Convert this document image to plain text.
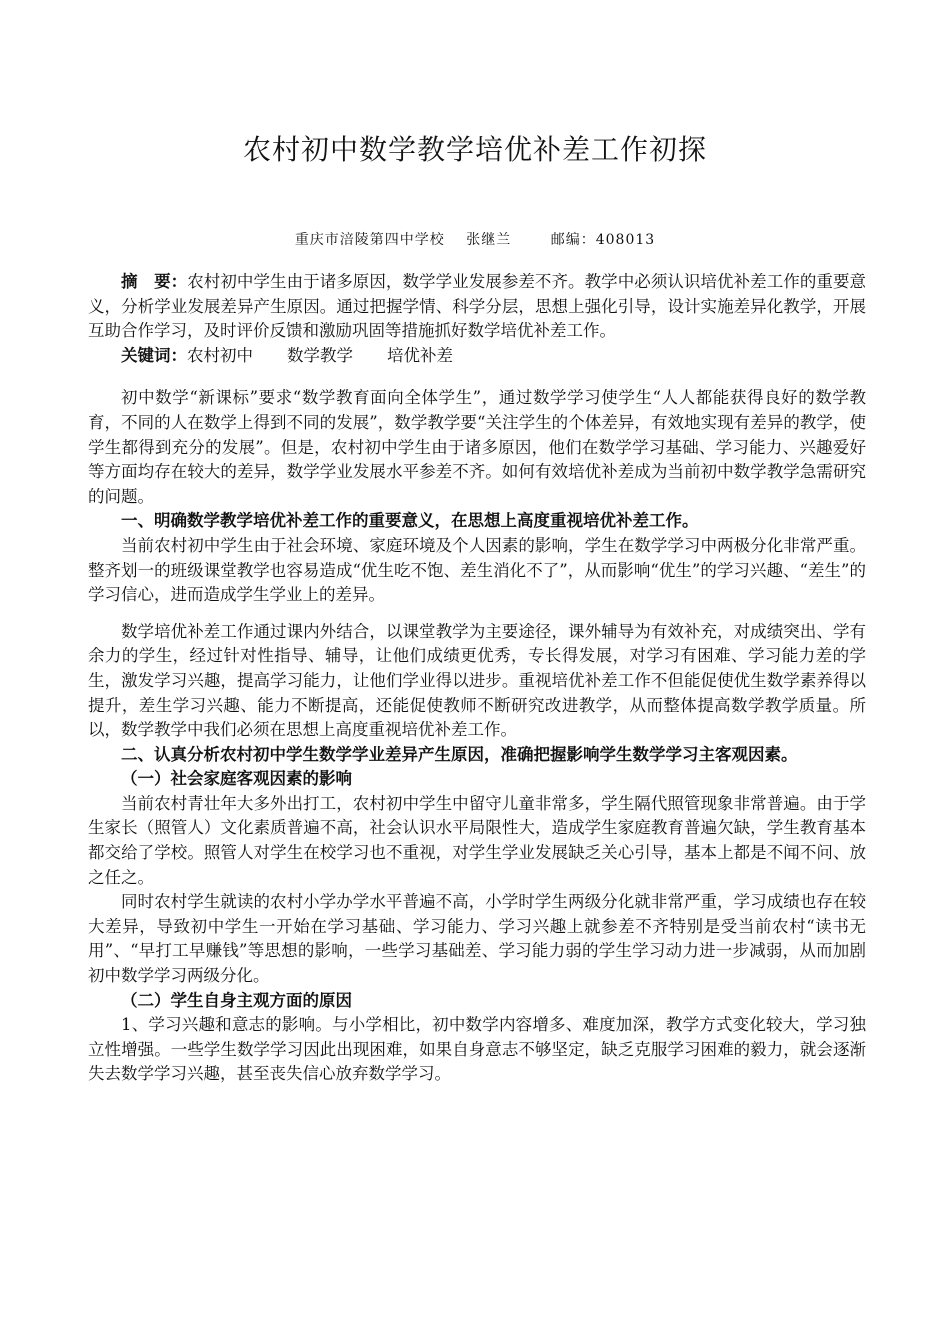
农村初中数学教学培优补差工作初探
重庆市涪陵第四中学校 张继兰	邮编：408013

摘　要：农村初中学生由于诸多原因，数学学业发展参差不齐。教学中必须认识培优补差工作的重要意义，分析学业发展差异产生原因。通过把握学情、科学分层，思想上强化引导，设计实施差异化教学，开展互助合作学习，及时评价反馈和激励巩固等措施抓好数学培优补差工作。

关键词：农村初中 数学教学 培优补差

初中数学“新课标”要求“数学教育面向全体学生”，通过数学学习使学生“人人都能获得良好的数学教育，不同的人在数学上得到不同的发展”，数学教学要“关注学生的个体差异，有效地实现有差异的教学，使学生都得到充分的发展”。但是，农村初中学生由于诸多原因，他们在数学学习基础、学习能力、兴趣爱好等方面均存在较大的差异，数学学业发展水平参差不齐。如何有效培优补差成为当前初中数学教学急需研究的问题。

一、明确数学教学培优补差工作的重要意义，在思想上高度重视培优补差工作。

当前农村初中学生由于社会环境、家庭环境及个人因素的影响，学生在数学学习中两极分化非常严重。整齐划一的班级课堂教学也容易造成“优生吃不饱、差生消化不了”，从而影响“优生”的学习兴趣、“差生”的学习信心，进而造成学生学业上的差异。

数学培优补差工作通过课内外结合，以课堂教学为主要途径，课外辅导为有效补充，对成绩突出、学有余力的学生，经过针对性指导、辅导，让他们成绩更优秀，专长得发展，对学习有困难、学习能力差的学生，激发学习兴趣，提高学习能力，让他们学业得以进步。重视培优补差工作不但能促使优生数学素养得以提升，差生学习兴趣、能力不断提高，还能促使教师不断研究改进教学，从而整体提高数学教学质量。所以，数学教学中我们必须在思想上高度重视培优补差工作。

二、认真分析农村初中学生数学学业差异产生原因，准确把握影响学生数学学习主客观因素。

（一）社会家庭客观因素的影响

当前农村青壮年大多外出打工，农村初中学生中留守儿童非常多，学生隔代照管现象非常普遍。由于学生家长（照管人）文化素质普遍不高，社会认识水平局限性大，造成学生家庭教育普遍欠缺，学生教育基本都交给了学校。照管人对学生在校学习也不重视，对学生学业发展缺乏关心引导，基本上都是不闻不问、放之任之。

同时农村学生就读的农村小学办学水平普遍不高，小学时学生两级分化就非常严重，学习成绩也存在较大差异，导致初中学生一开始在学习基础、学习能力、学习兴趣上就参差不齐特别是受当前农村“读书无用”、“早打工早赚钱”等思想的影响，一些学习基础差、学习能力弱的学生学习动力进一步减弱，从而加剧初中数学学习两级分化。

（二）学生自身主观方面的原因

1、学习兴趣和意志的影响。与小学相比，初中数学内容增多、难度加深，教学方式变化较大，学习独立性增强。一些学生数学学习因此出现困难，如果自身意志不够坚定，缺乏克服学习困难的毅力，就会逐渐失去数学学习兴趣，甚至丧失信心放弃数学学习。
